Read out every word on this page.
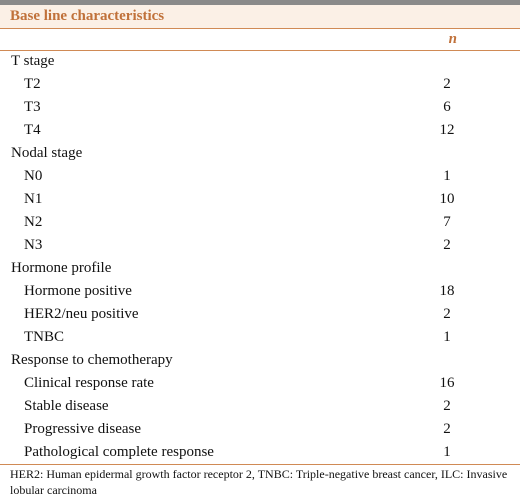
Base line characteristics
n
T stage
T2	2
T3	6
T4	12
Nodal stage
N0	1
N1	10
N2	7
N3	2
Hormone profile
Hormone positive	18
HER2/neu positive	2
TNBC	1
Response to chemotherapy
Clinical response rate	16
Stable disease	2
Progressive disease	2
Pathological complete response	1
HER2: Human epidermal growth factor receptor 2, TNBC: Triple-negative breast cancer, ILC: Invasive lobular carcinoma
